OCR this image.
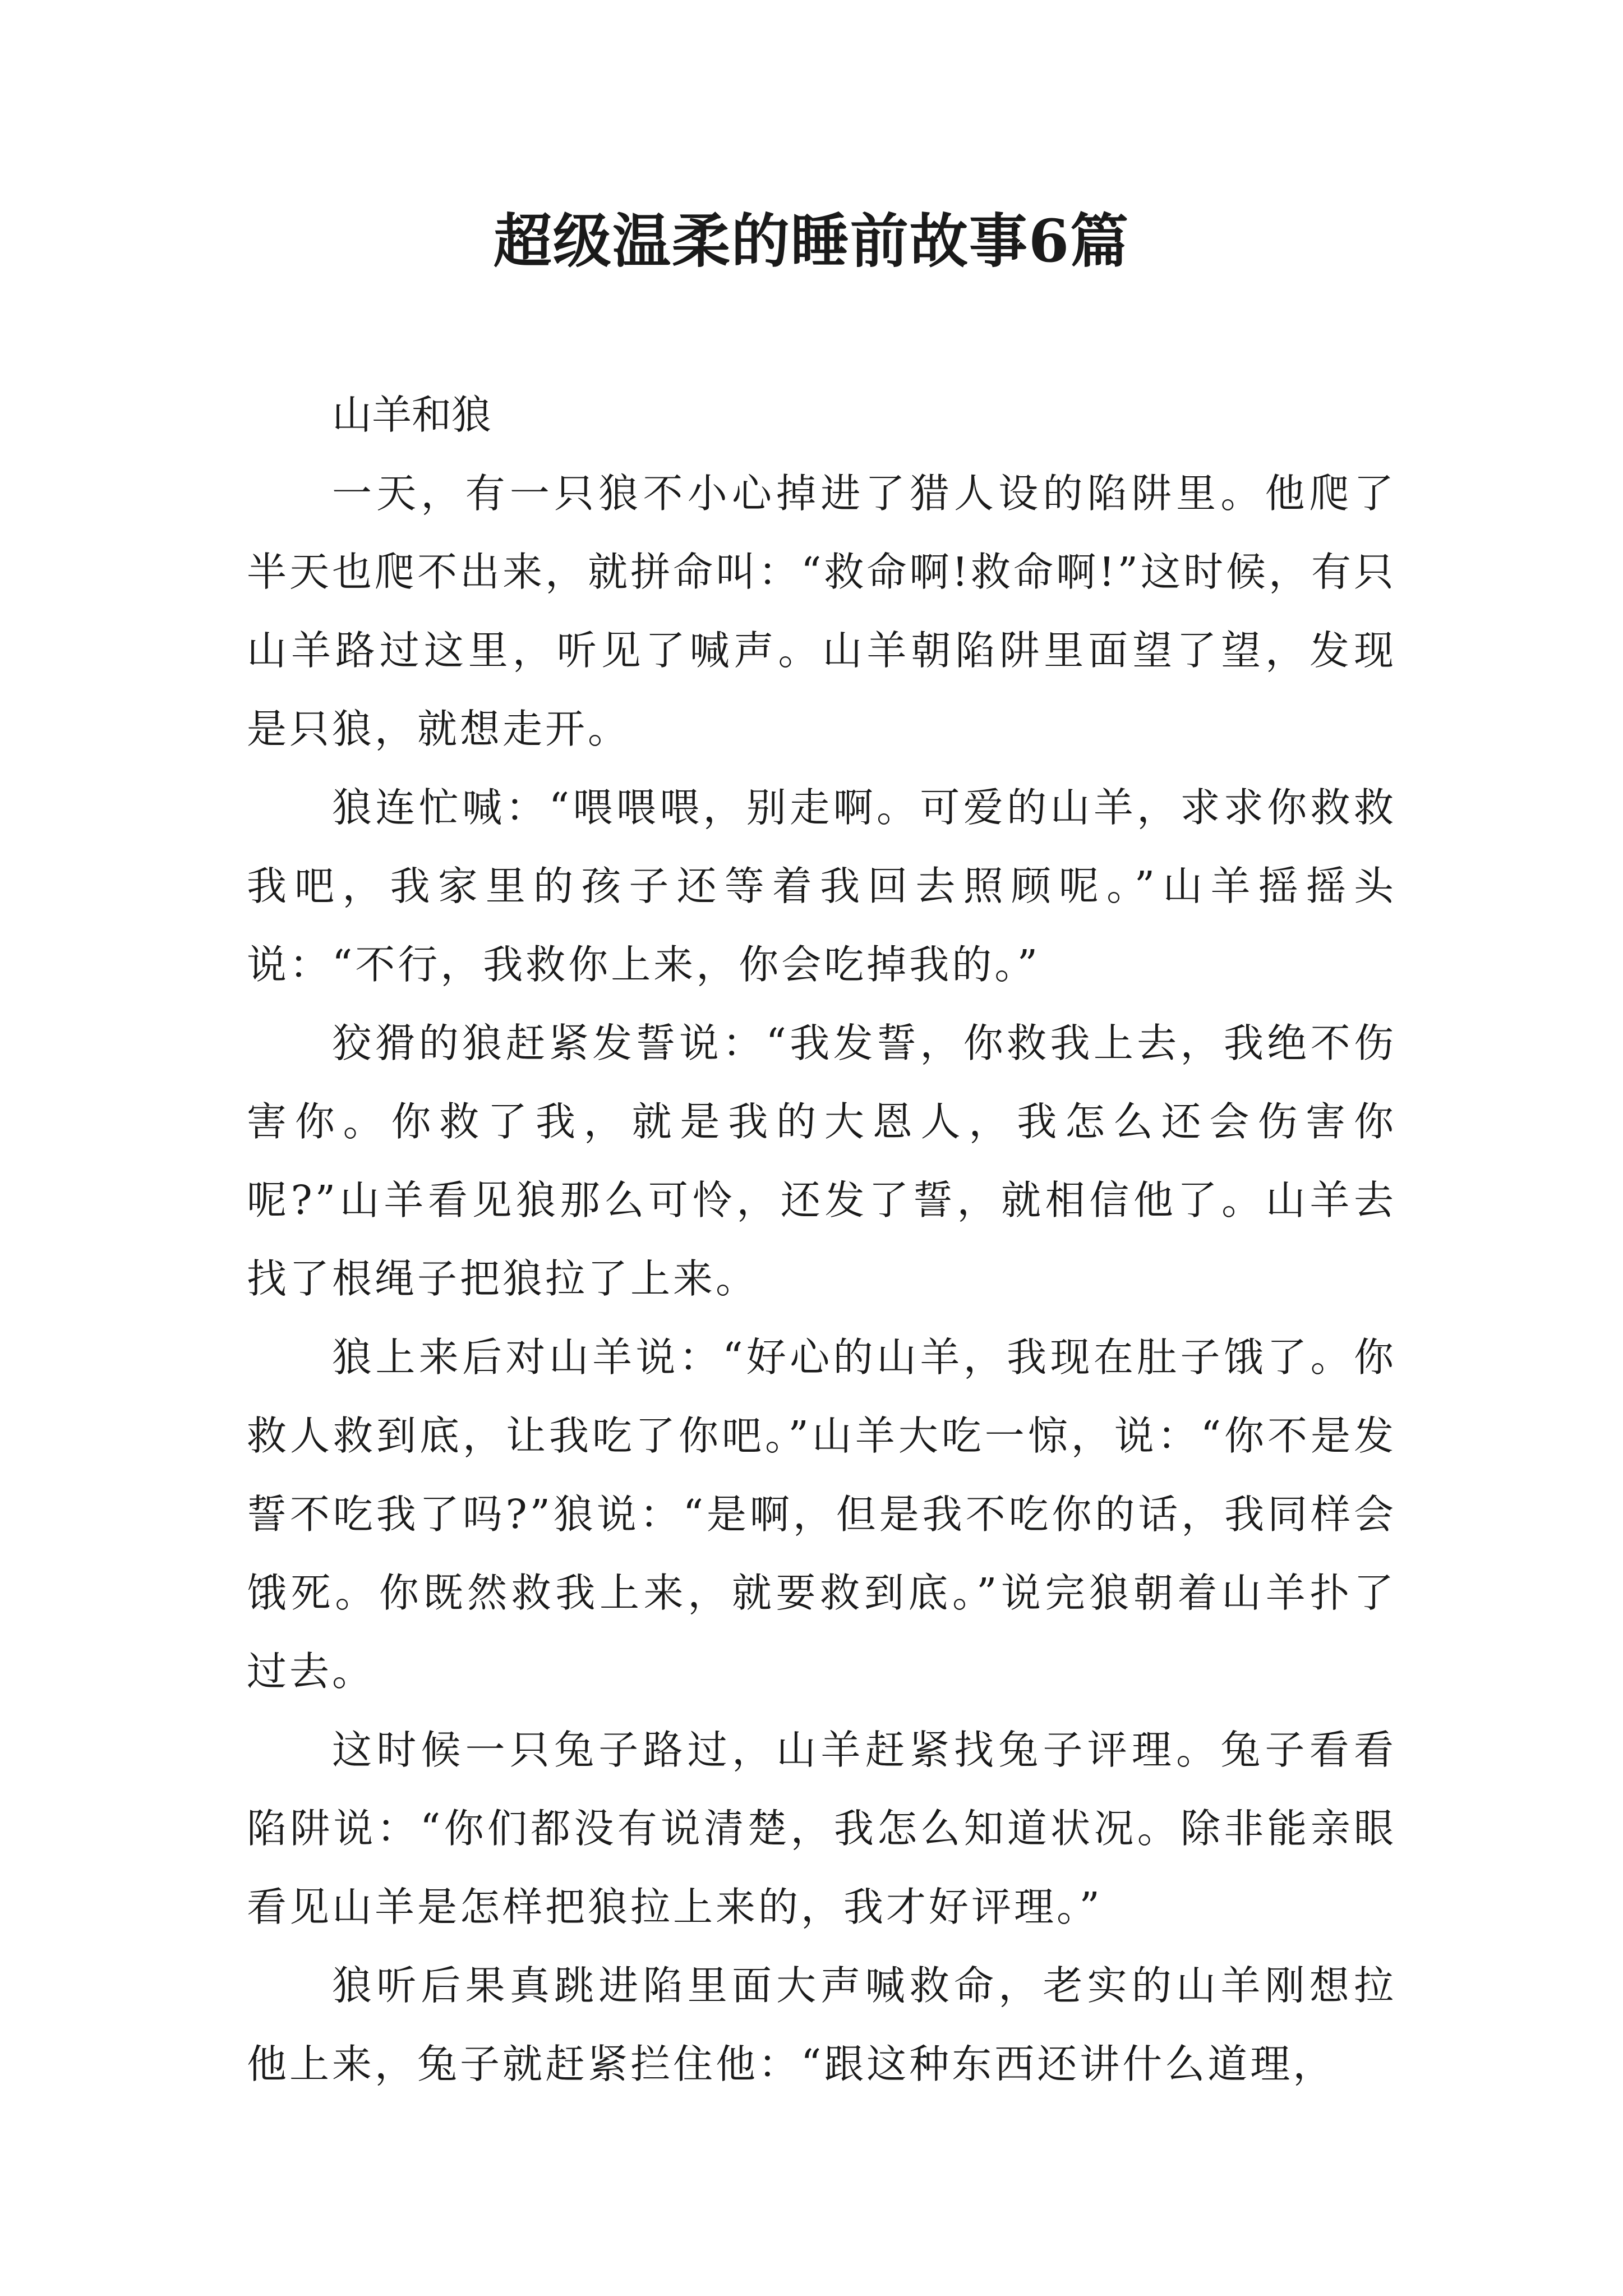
超级温柔的睡前故事6篇

山羊和狼

一天，有一只狼不小心掉进了猎人设的陷阱里。他爬了半天也爬不出来，就拼命叫：“救命啊!救命啊!”这时候，有只山羊路过这里，听见了喊声。山羊朝陷阱里面望了望，发现是只狼，就想走开。

狼连忙喊：“喂喂喂，别走啊。可爱的山羊，求求你救救我吧，我家里的孩子还等着我回去照顾呢。”山羊摇摇头说：“不行，我救你上来，你会吃掉我的。”

狡猾的狼赶紧发誓说：“我发誓，你救我上去，我绝不伤害你。你救了我，就是我的大恩人，我怎么还会伤害你呢?”山羊看见狼那么可怜，还发了誓，就相信他了。山羊去找了根绳子把狼拉了上来。

狼上来后对山羊说：“好心的山羊，我现在肚子饿了。你救人救到底，让我吃了你吧。”山羊大吃一惊，说：“你不是发誓不吃我了吗?”狼说：“是啊，但是我不吃你的话，我同样会饿死。你既然救我上来，就要救到底。”说完狼朝着山羊扑了过去。

这时候一只兔子路过，山羊赶紧找兔子评理。兔子看看陷阱说：“你们都没有说清楚，我怎么知道状况。除非能亲眼看见山羊是怎样把狼拉上来的，我才好评理。”

狼听后果真跳进陷里面大声喊救命，老实的山羊刚想拉他上来，兔子就赶紧拦住他：“跟这种东西还讲什么道理，
